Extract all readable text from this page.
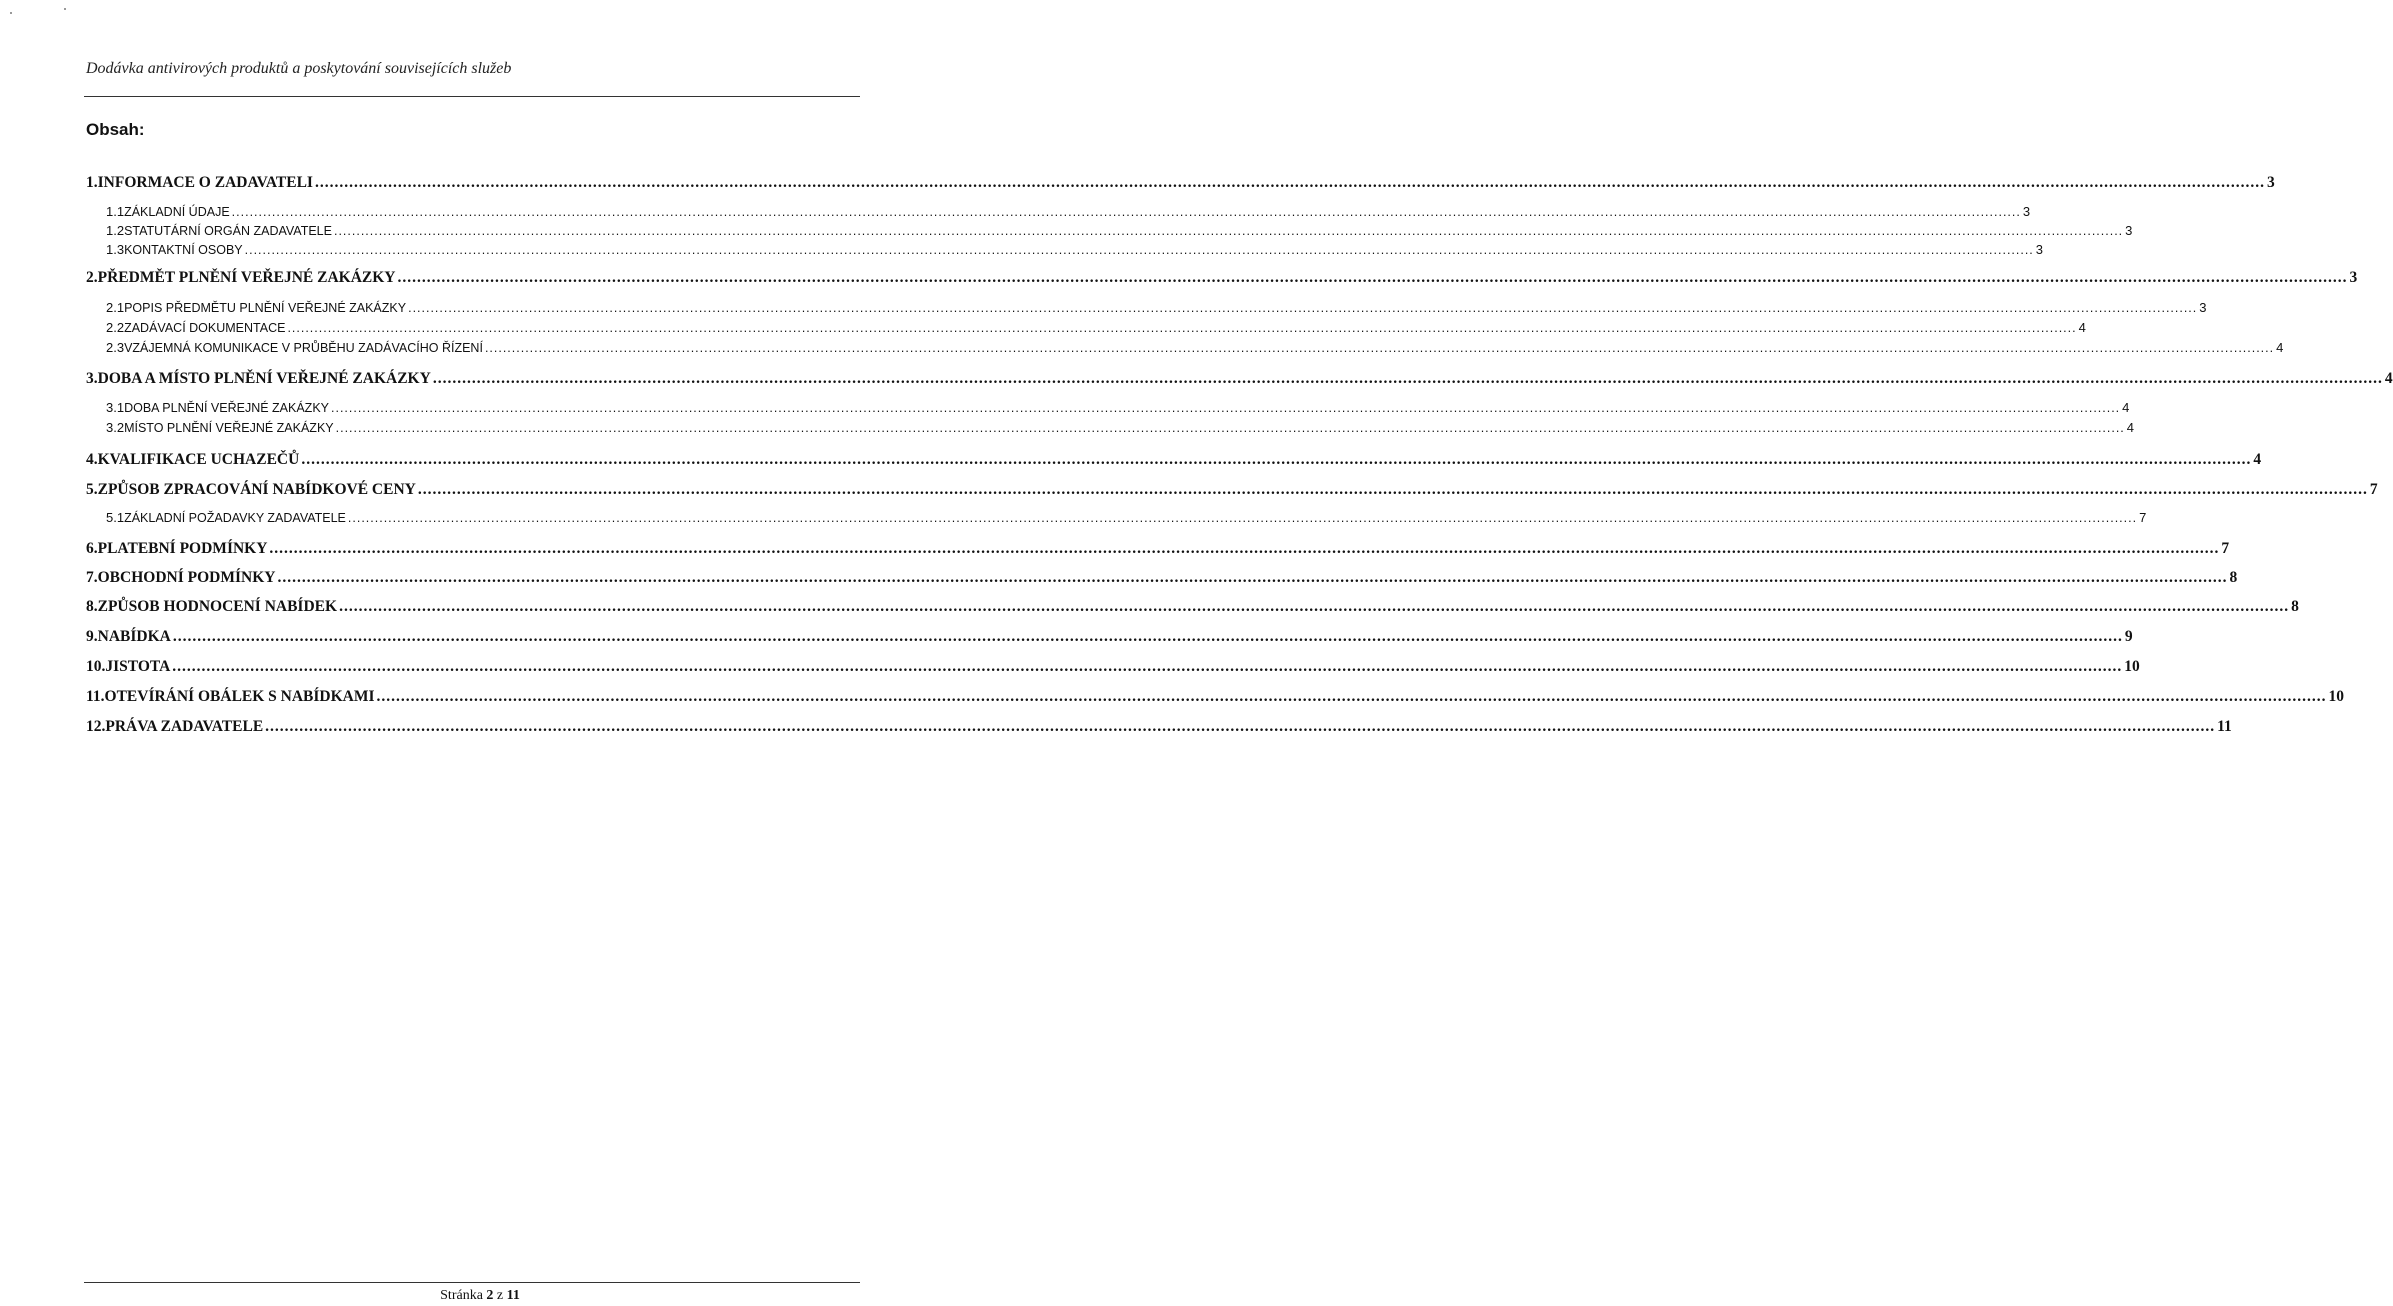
Dodávka antivirových produktů a poskytování souvisejících služeb
Obsah:
1. INFORMACE O ZADAVATELI ................................................................................................................................................................................................................................................................................................................................................................................................................ 3
1.1 ZÁKLADNÍ ÚDAJE ................................................................................................................................................................................................................................................................................................................................................................................................................ 3
1.2 STATUTÁRNÍ ORGÁN ZADAVATELE ................................................................................................................................................................................................................................................................................................................................................................................................................ 3
1.3 KONTAKTNÍ OSOBY ................................................................................................................................................................................................................................................................................................................................................................................................................ 3
2. PŘEDMĚT PLNĚNÍ VEŘEJNÉ ZAKÁZKY ................................................................................................................................................................................................................................................................................................................................................................................................................ 3
2.1 POPIS PŘEDMĚTU PLNĚNÍ VEŘEJNÉ ZAKÁZKY ................................................................................................................................................................................................................................................................................................................................................................................................................ 3
2.2 ZADÁVACÍ DOKUMENTACE ................................................................................................................................................................................................................................................................................................................................................................................................................ 4
2.3 VZÁJEMNÁ KOMUNIKACE V PRŮBĚHU ZADÁVACÍHO ŘÍZENÍ ................................................................................................................................................................................................................................................................................................................................................................................................................ 4
3. DOBA A MÍSTO PLNĚNÍ VEŘEJNÉ ZAKÁZKY ................................................................................................................................................................................................................................................................................................................................................................................................................ 4
3.1 DOBA PLNĚNÍ VEŘEJNÉ ZAKÁZKY ................................................................................................................................................................................................................................................................................................................................................................................................................ 4
3.2 MÍSTO PLNĚNÍ VEŘEJNÉ ZAKÁZKY ................................................................................................................................................................................................................................................................................................................................................................................................................ 4
4. KVALIFIKACE UCHAZEČŮ ................................................................................................................................................................................................................................................................................................................................................................................................................ 4
5. ZPŮSOB ZPRACOVÁNÍ NABÍDKOVÉ CENY ................................................................................................................................................................................................................................................................................................................................................................................................................ 7
5.1 ZÁKLADNÍ POŽADAVKY ZADAVATELE ................................................................................................................................................................................................................................................................................................................................................................................................................ 7
6. PLATEBNÍ PODMÍNKY ................................................................................................................................................................................................................................................................................................................................................................................................................ 7
7. OBCHODNÍ PODMÍNKY ................................................................................................................................................................................................................................................................................................................................................................................................................ 8
8. ZPŮSOB HODNOCENÍ NABÍDEK ................................................................................................................................................................................................................................................................................................................................................................................................................ 8
9. NABÍDKA ................................................................................................................................................................................................................................................................................................................................................................................................................ 9
10. JISTOTA ................................................................................................................................................................................................................................................................................................................................................................................................................ 10
11. OTEVÍRÁNÍ OBÁLEK S NABÍDKAMI ................................................................................................................................................................................................................................................................................................................................................................................................................ 10
12. PRÁVA ZADAVATELE ................................................................................................................................................................................................................................................................................................................................................................................................................ 11
Stránka 2 z 11
